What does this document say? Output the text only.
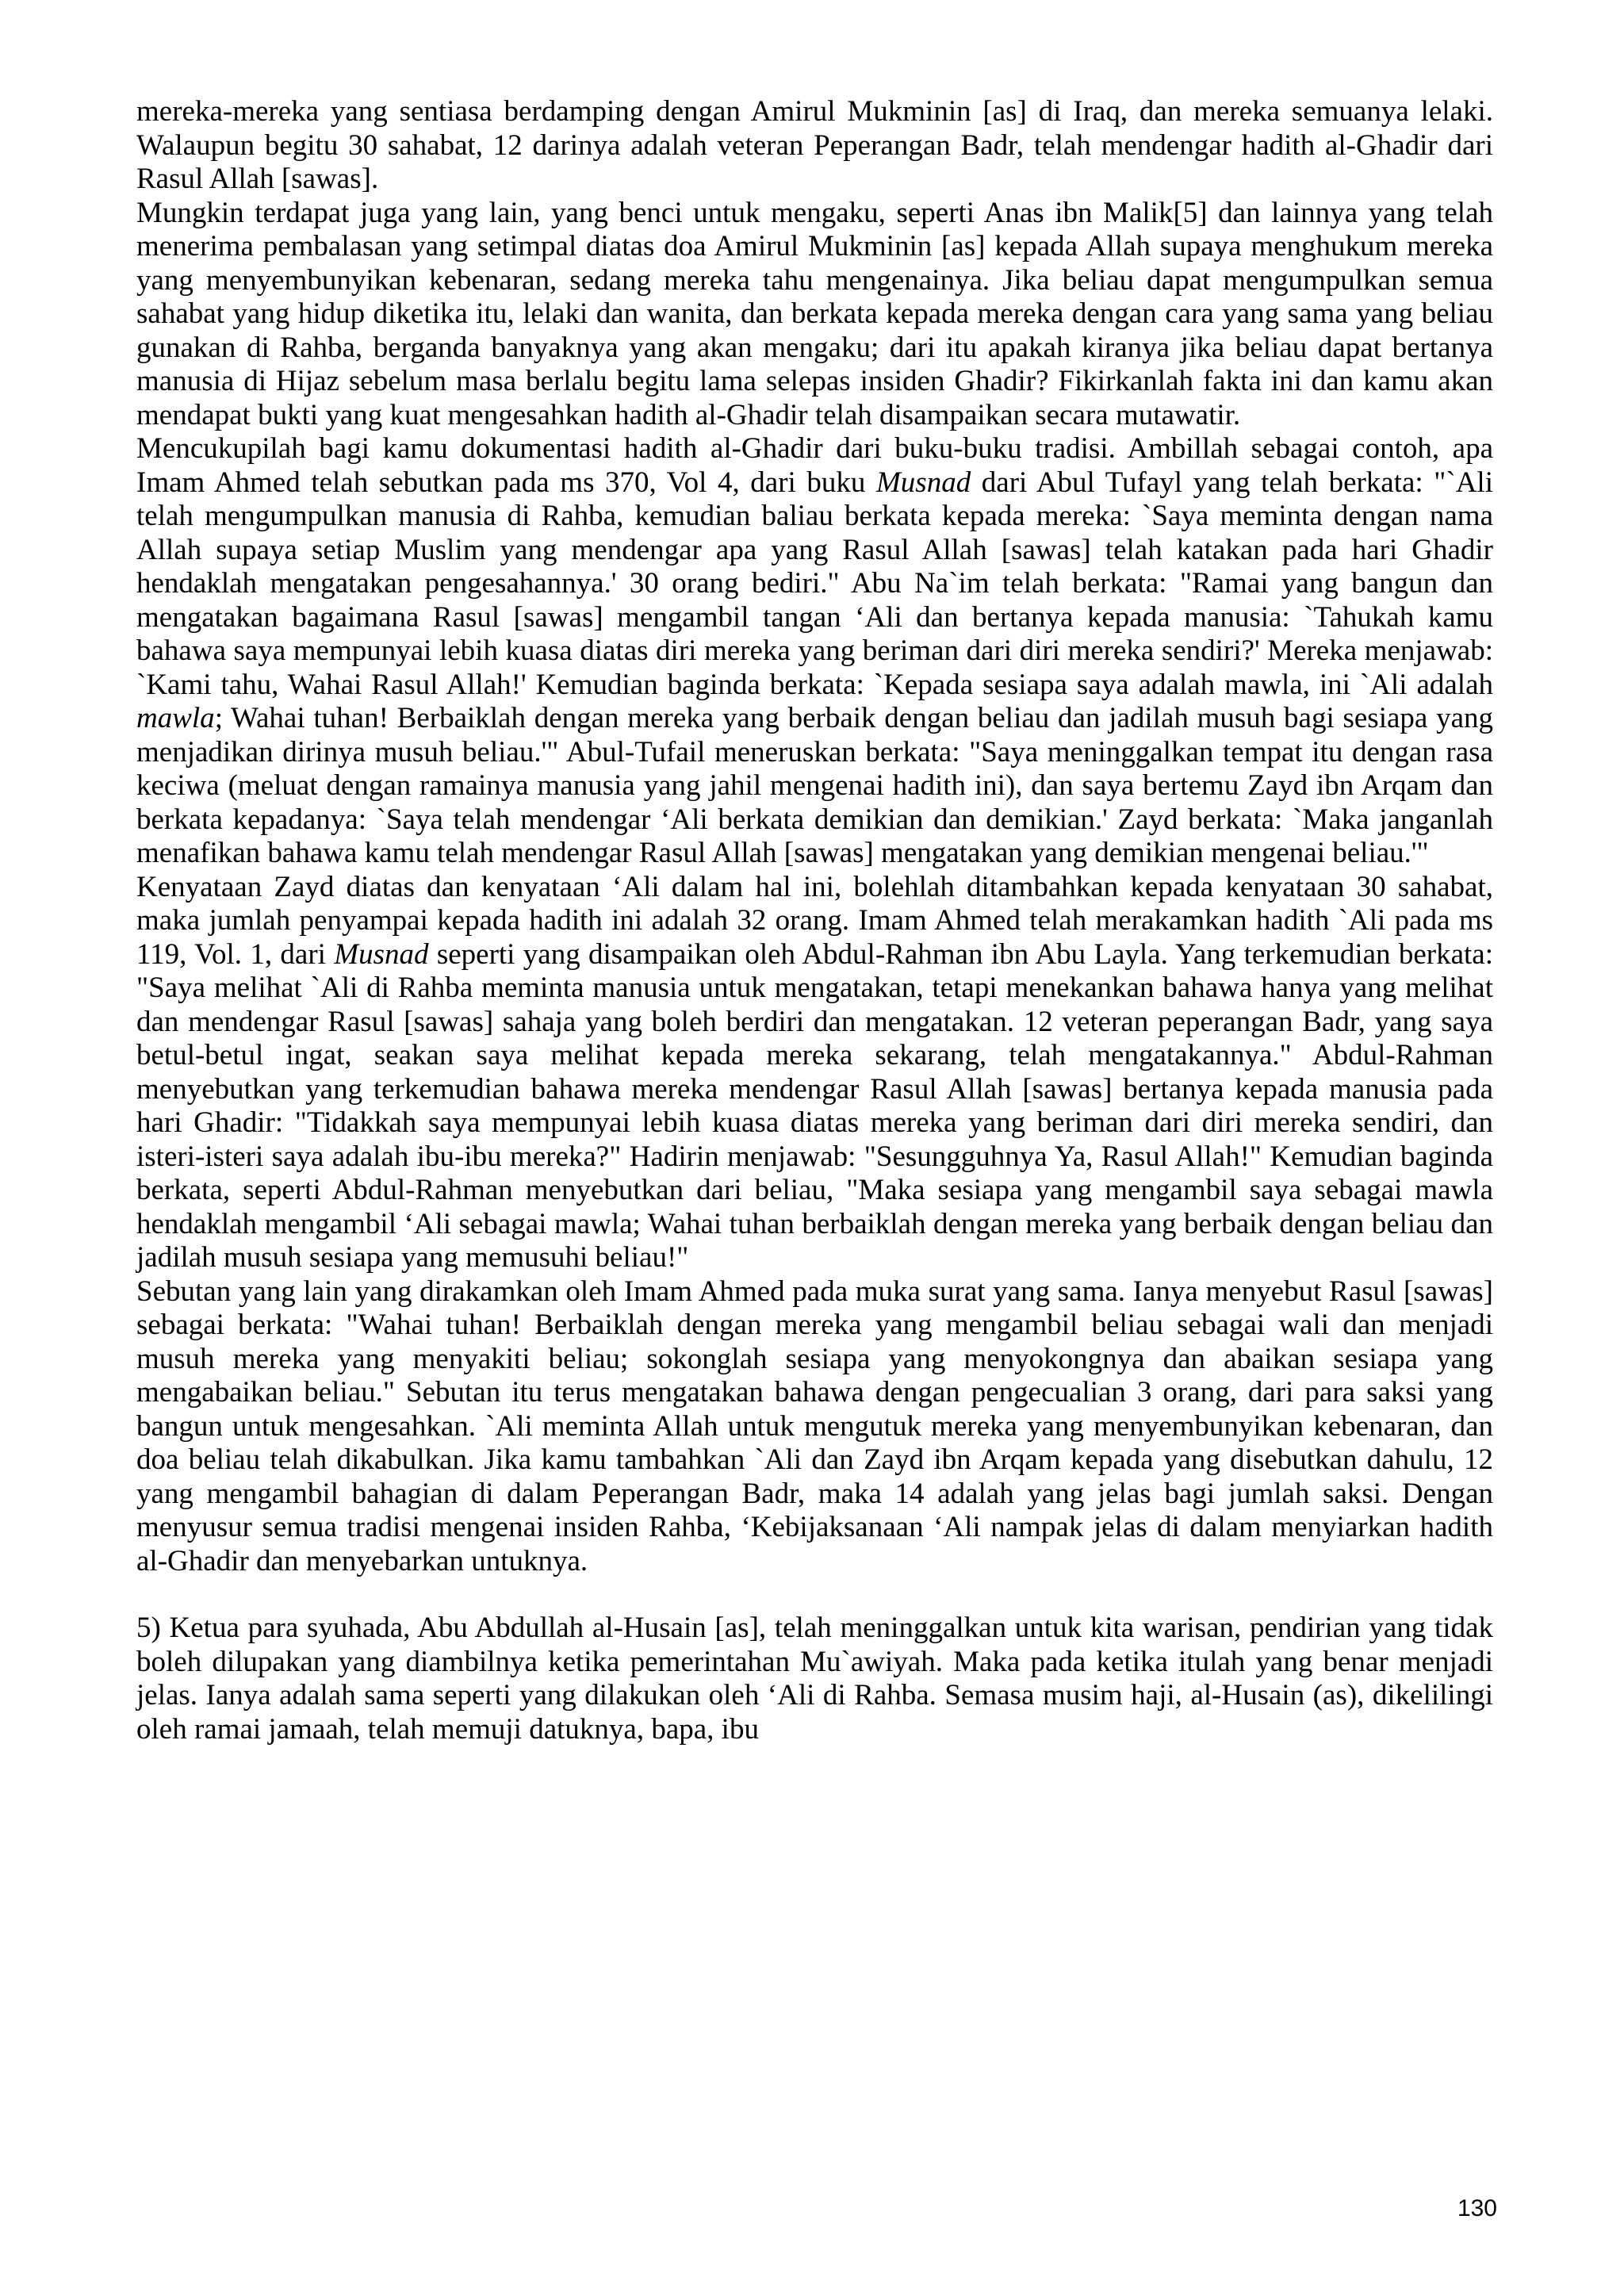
mereka-mereka yang sentiasa berdamping dengan Amirul Mukminin [as] di Iraq, dan mereka semuanya lelaki. Walaupun begitu 30 sahabat, 12 darinya adalah veteran Peperangan Badr, telah mendengar hadith al-Ghadir dari Rasul Allah [sawas].

Mungkin terdapat juga yang lain, yang benci untuk mengaku, seperti Anas ibn Malik[5] dan lainnya yang telah menerima pembalasan yang setimpal diatas doa Amirul Mukminin [as] kepada Allah supaya menghukum mereka yang menyembunyikan kebenaran, sedang mereka tahu mengenainya. Jika beliau dapat mengumpulkan semua sahabat yang hidup diketika itu, lelaki dan wanita, dan berkata kepada mereka dengan cara yang sama yang beliau gunakan di Rahba, berganda banyaknya yang akan mengaku; dari itu apakah kiranya jika beliau dapat bertanya manusia di Hijaz sebelum masa berlalu begitu lama selepas insiden Ghadir? Fikirkanlah fakta ini dan kamu akan mendapat bukti yang kuat mengesahkan hadith al-Ghadir telah disampaikan secara mutawatir.

Mencukupilah bagi kamu dokumentasi hadith al-Ghadir dari buku-buku tradisi. Ambillah sebagai contoh, apa Imam Ahmed telah sebutkan pada ms 370, Vol 4, dari buku Musnad dari Abul Tufayl yang telah berkata: "`Ali telah mengumpulkan manusia di Rahba, kemudian baliau berkata kepada mereka: `Saya meminta dengan nama Allah supaya setiap Muslim yang mendengar apa yang Rasul Allah [sawas] telah katakan pada hari Ghadir hendaklah mengatakan pengesahannya.' 30 orang bediri." Abu Na`im telah berkata: "Ramai yang bangun dan mengatakan bagaimana Rasul [sawas] mengambil tangan ‘Ali dan bertanya kepada manusia: `Tahukah kamu bahawa saya mempunyai lebih kuasa diatas diri mereka yang beriman dari diri mereka sendiri?' Mereka menjawab: `Kami tahu, Wahai Rasul Allah!' Kemudian baginda berkata: `Kepada sesiapa saya adalah mawla, ini `Ali adalah mawla; Wahai tuhan! Berbaiklah dengan mereka yang berbaik dengan beliau dan jadilah musuh bagi sesiapa yang menjadikan dirinya musuh beliau.'" Abul-Tufail meneruskan berkata: "Saya meninggalkan tempat itu dengan rasa keciwa (meluat dengan ramainya manusia yang jahil mengenai hadith ini), dan saya bertemu Zayd ibn Arqam dan berkata kepadanya: `Saya telah mendengar ‘Ali berkata demikian dan demikian.' Zayd berkata: `Maka janganlah menafikan bahawa kamu telah mendengar Rasul Allah [sawas] mengatakan yang demikian mengenai beliau.'"

Kenyataan Zayd diatas dan kenyataan ‘Ali dalam hal ini, bolehlah ditambahkan kepada kenyataan 30 sahabat, maka jumlah penyampai kepada hadith ini adalah 32 orang. Imam Ahmed telah merakamkan hadith `Ali pada ms 119, Vol. 1, dari Musnad seperti yang disampaikan oleh Abdul-Rahman ibn Abu Layla. Yang terkemudian berkata: "Saya melihat `Ali di Rahba meminta manusia untuk mengatakan, tetapi menekankan bahawa hanya yang melihat dan mendengar Rasul [sawas] sahaja yang boleh berdiri dan mengatakan. 12 veteran peperangan Badr, yang saya betul-betul ingat, seakan saya melihat kepada mereka sekarang, telah mengatakannya." Abdul-Rahman menyebutkan yang terkemudian bahawa mereka mendengar Rasul Allah [sawas] bertanya kepada manusia pada hari Ghadir: "Tidakkah saya mempunyai lebih kuasa diatas mereka yang beriman dari diri mereka sendiri, dan isteri-isteri saya adalah ibu-ibu mereka?" Hadirin menjawab: "Sesungguhnya Ya, Rasul Allah!" Kemudian baginda berkata, seperti Abdul-Rahman menyebutkan dari beliau, "Maka sesiapa yang mengambil saya sebagai mawla hendaklah mengambil ‘Ali sebagai mawla; Wahai tuhan berbaiklah dengan mereka yang berbaik dengan beliau dan jadilah musuh sesiapa yang memusuhi beliau!"

Sebutan yang lain yang dirakamkan oleh Imam Ahmed pada muka surat yang sama. Ianya menyebut Rasul [sawas] sebagai berkata: "Wahai tuhan! Berbaiklah dengan mereka yang mengambil beliau sebagai wali dan menjadi musuh mereka yang menyakiti beliau; sokonglah sesiapa yang menyokongnya dan abaikan sesiapa yang mengabaikan beliau." Sebutan itu terus mengatakan bahawa dengan pengecualian 3 orang, dari para saksi yang bangun untuk mengesahkan. `Ali meminta Allah untuk mengutuk mereka yang menyembunyikan kebenaran, dan doa beliau telah dikabulkan. Jika kamu tambahkan `Ali dan Zayd ibn Arqam kepada yang disebutkan dahulu, 12 yang mengambil bahagian di dalam Peperangan Badr, maka 14 adalah yang jelas bagi jumlah saksi. Dengan menyusur semua tradisi mengenai insiden Rahba, ‘Kebijaksanaan ‘Ali nampak jelas di dalam menyiarkan hadith al-Ghadir dan menyebarkan untuknya.

5) Ketua para syuhada, Abu Abdullah al-Husain [as], telah meninggalkan untuk kita warisan, pendirian yang tidak boleh dilupakan yang diambilnya ketika pemerintahan Mu`awiyah. Maka pada ketika itulah yang benar menjadi jelas. Ianya adalah sama seperti yang dilakukan oleh ‘Ali di Rahba. Semasa musim haji, al-Husain (as), dikelilingi oleh ramai jamaah, telah memuji datuknya, bapa, ibu

130
